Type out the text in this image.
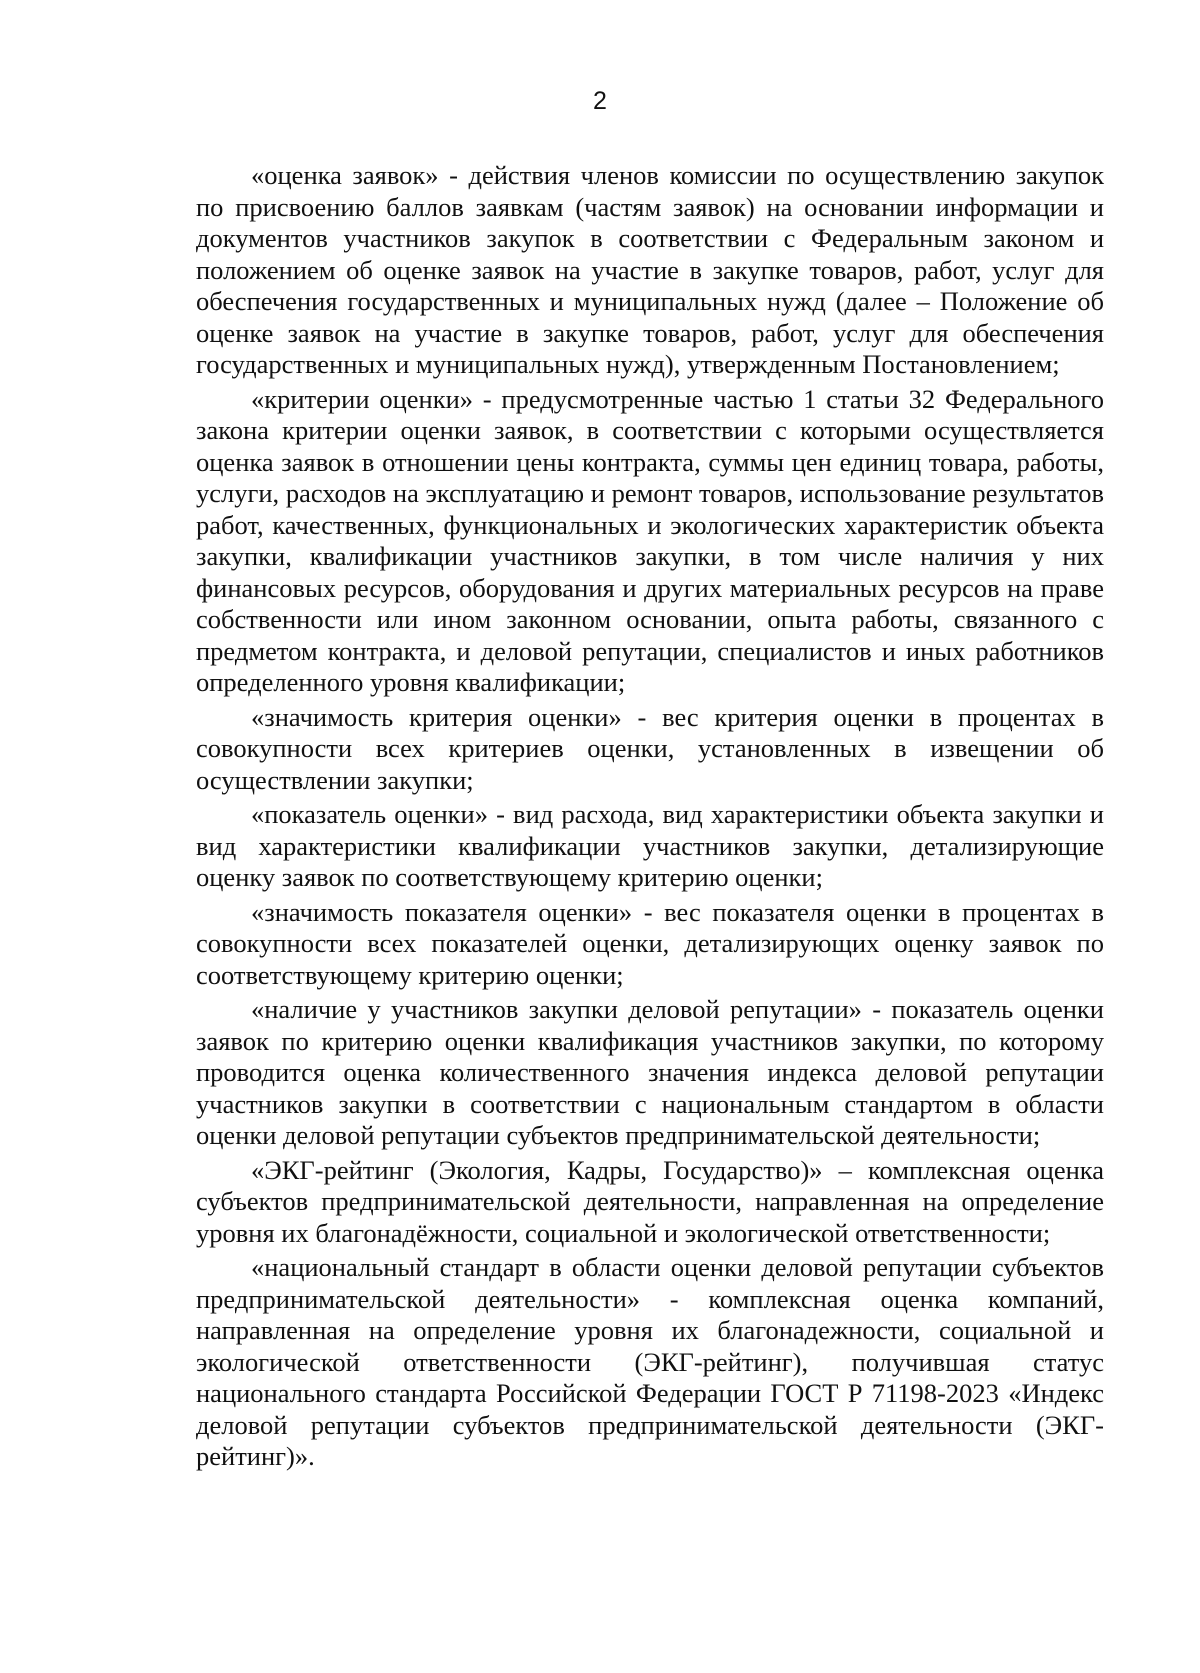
2

«оценка заявок» - действия членов комиссии по осуществлению закупок по присвоению баллов заявкам (частям заявок) на основании информации и документов участников закупок в соответствии с Федеральным законом и положением об оценке заявок на участие в закупке товаров, работ, услуг для обеспечения государственных и муниципальных нужд (далее – Положение об оценке заявок на участие в закупке товаров, работ, услуг для обеспечения государственных и муниципальных нужд), утвержденным Постановлением;

«критерии оценки» - предусмотренные частью 1 статьи 32 Федерального закона критерии оценки заявок, в соответствии с которыми осуществляется оценка заявок в отношении цены контракта, суммы цен единиц товара, работы, услуги, расходов на эксплуатацию и ремонт товаров, использование результатов работ, качественных, функциональных и экологических характеристик объекта закупки, квалификации участников закупки, в том числе наличия у них финансовых ресурсов, оборудования и других материальных ресурсов на праве собственности или ином законном основании, опыта работы, связанного с предметом контракта, и деловой репутации, специалистов и иных работников определенного уровня квалификации;

«значимость критерия оценки» - вес критерия оценки в процентах в совокупности всех критериев оценки, установленных в извещении об осуществлении закупки;

«показатель оценки» - вид расхода, вид характеристики объекта закупки и вид характеристики квалификации участников закупки, детализирующие оценку заявок по соответствующему критерию оценки;

«значимость показателя оценки» - вес показателя оценки в процентах в совокупности всех показателей оценки, детализирующих оценку заявок по соответствующему критерию оценки;

«наличие у участников закупки деловой репутации» - показатель оценки заявок по критерию оценки квалификация участников закупки, по которому проводится оценка количественного значения индекса деловой репутации участников закупки в соответствии с национальным стандартом в области оценки деловой репутации субъектов предпринимательской деятельности;

«ЭКГ-рейтинг (Экология, Кадры, Государство)» – комплексная оценка субъектов предпринимательской деятельности, направленная на определение уровня их благонадёжности, социальной и экологической ответственности;

«национальный стандарт в области оценки деловой репутации субъектов предпринимательской деятельности» - комплексная оценка компаний, направленная на определение уровня их благонадежности, социальной и экологической ответственности (ЭКГ-рейтинг), получившая статус национального стандарта Российской Федерации ГОСТ Р 71198-2023 «Индекс деловой репутации субъектов предпринимательской деятельности (ЭКГ-рейтинг)».
